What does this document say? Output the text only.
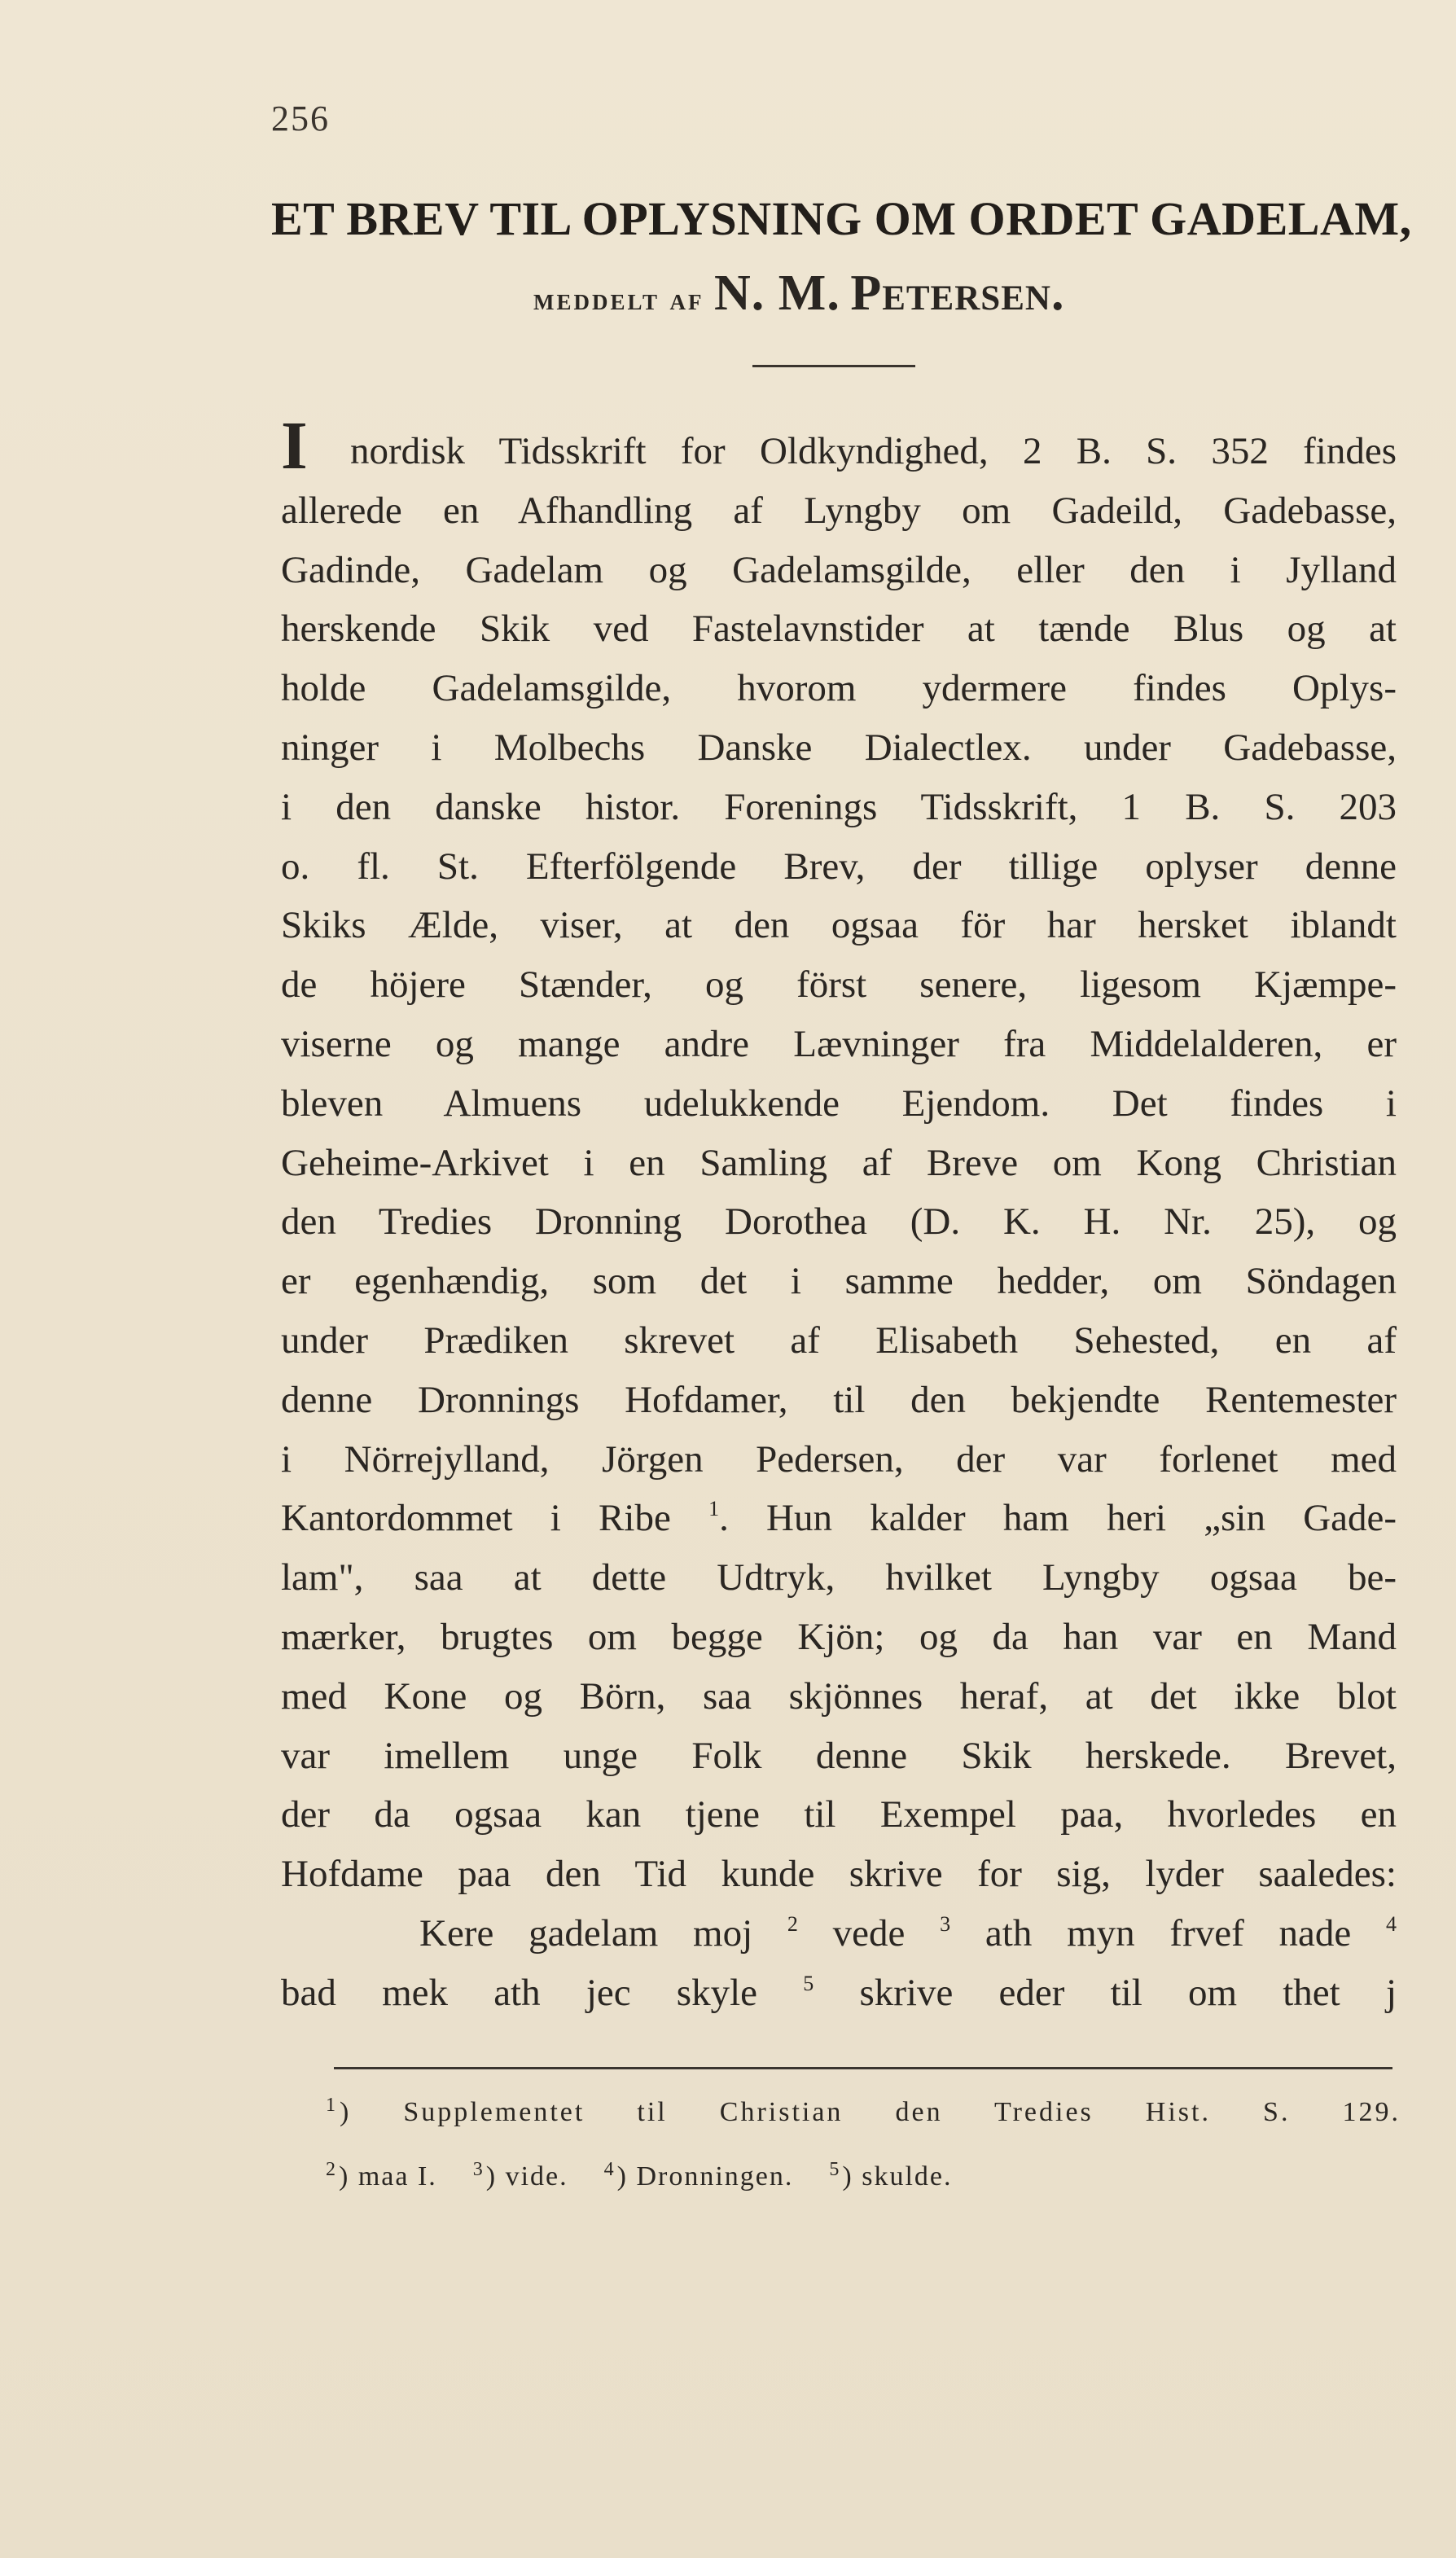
256
ET BREV TIL OPLYSNING OM ORDET GADELAM,
meddelt af N. M. Petersen.
I nordisk Tidsskrift for Oldkyndighed, 2 B. S. 352 findes
allerede en Afhandling af Lyngby om Gadeild, Gadebasse,
Gadinde, Gadelam og Gadelamsgilde, eller den i Jylland
herskende Skik ved Fastelavnstider at tænde Blus og at
holde Gadelamsgilde, hvorom ydermere findes Oplys-
ninger i Molbechs Danske Dialectlex. under Gadebasse,
i den danske histor. Forenings Tidsskrift, 1 B. S. 203
o. fl. St. Efterfölgende Brev, der tillige oplyser denne
Skiks Ælde, viser, at den ogsaa för har hersket iblandt
de höjere Stænder, og först senere, ligesom Kjæmpe-
viserne og mange andre Lævninger fra Middelalderen, er
bleven Almuens udelukkende Ejendom. Det findes i
Geheime-Arkivet i en Samling af Breve om Kong Christian
den Tredies Dronning Dorothea (D. K. H. Nr. 25), og
er egenhændig, som det i samme hedder, om Söndagen
under Prædiken skrevet af Elisabeth Sehested, en af
denne Dronnings Hofdamer, til den bekjendte Rentemester
i Nörrejylland, Jörgen Pedersen, der var forlenet med
Kantordommet i Ribe $^1$. Hun kalder ham heri „sin Gade-
lam", saa at dette Udtryk, hvilket Lyngby ogsaa be-
mærker, brugtes om begge Kjön; og da han var en Mand
med Kone og Börn, saa skjönnes heraf, at det ikke blot
var imellem unge Folk denne Skik herskede. Brevet,
der da ogsaa kan tjene til Exempel paa, hvorledes en
Hofdame paa den Tid kunde skrive for sig, lyder saaledes:
Kere gadelam moj $^2$ vede $^3$ ath myn frvef nade $^4$
bad mek ath jec skyle $^5$ skrive eder til om thet j
$^1$) Supplementet til Christian den Tredies Hist. S. 129.
$^2$) maa I. $^3$) vide. $^4$) Dronningen. $^5$) skulde.
